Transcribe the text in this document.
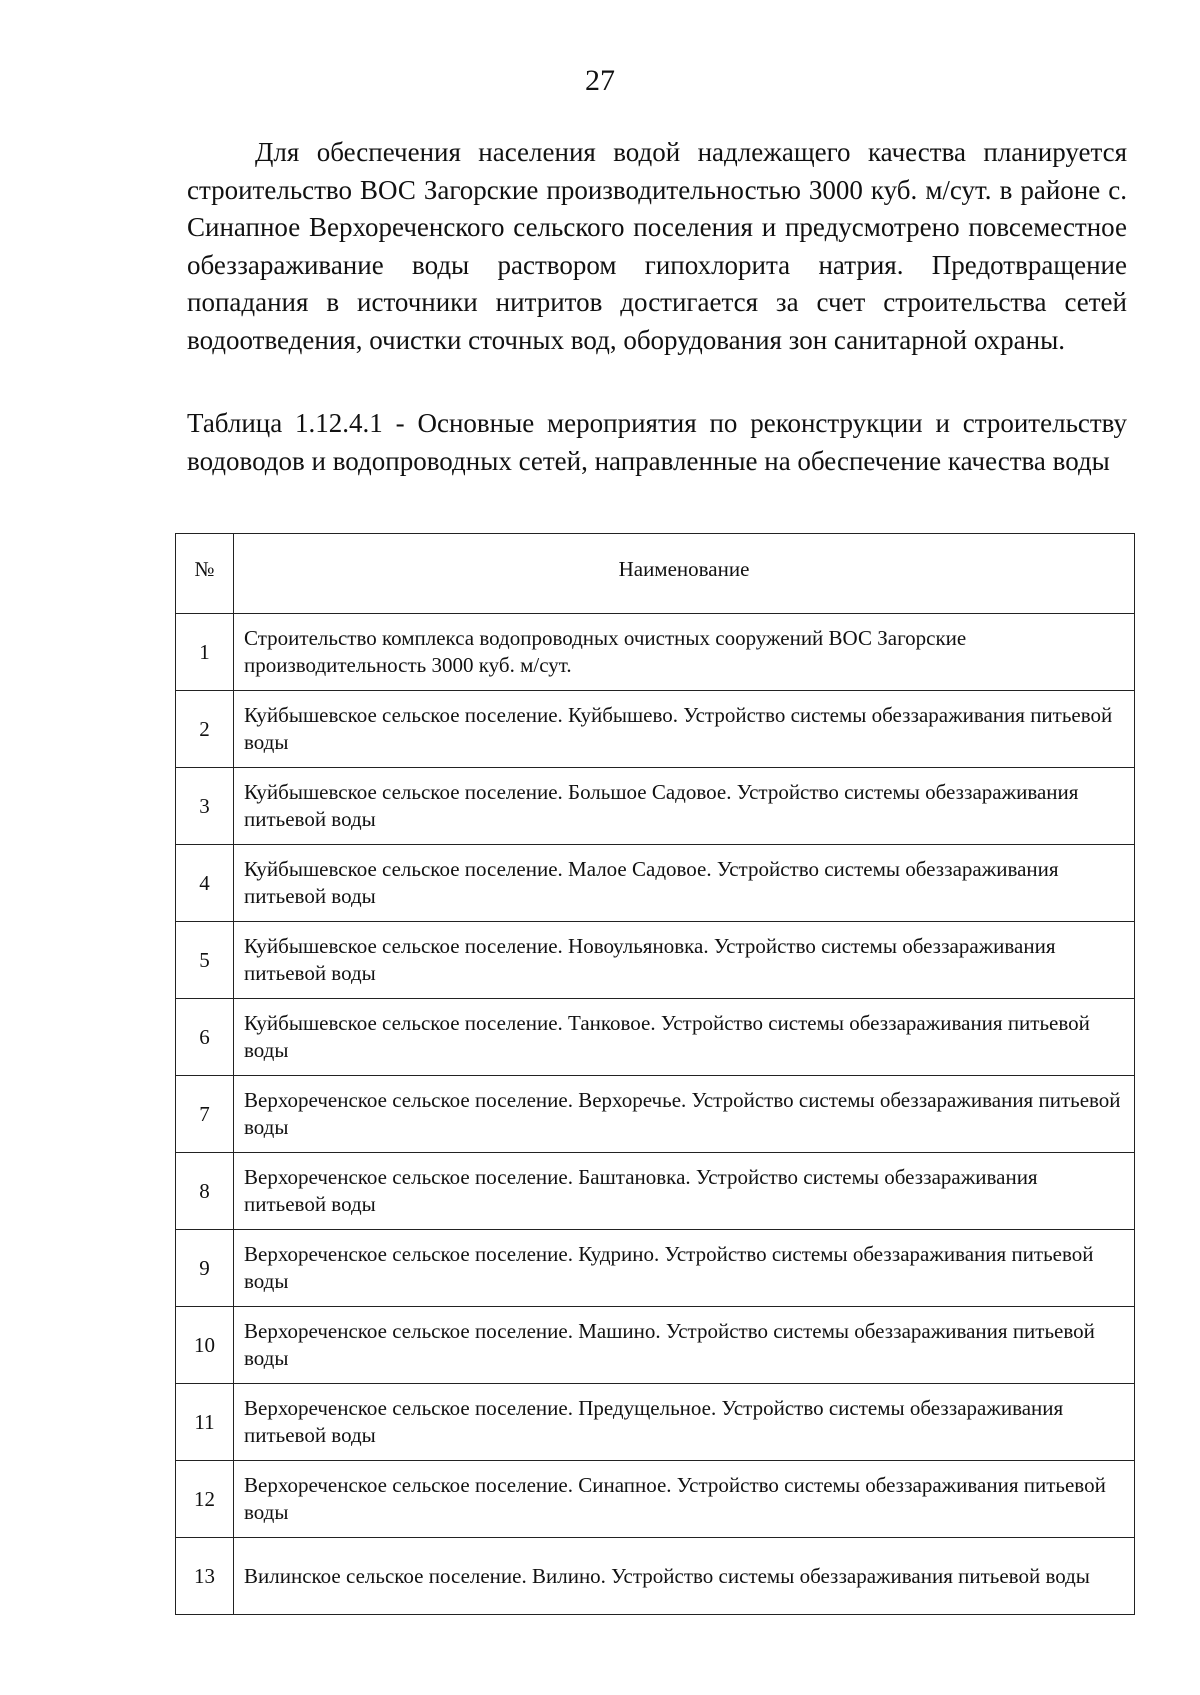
27

Для обеспечения населения водой надлежащего качества планируется строительство ВОС Загорские производительностью 3000 куб. м/сут. в районе с. Синапное Верхореченского сельского поселения и предусмотрено повсеместное обеззараживание воды раствором гипохлорита натрия. Предотвращение попадания в источники нитритов достигается за счет строительства сетей водоотведения, очистки сточных вод, оборудования зон санитарной охраны.

Таблица 1.12.4.1 - Основные мероприятия по реконструкции и строительству водоводов и водопроводных сетей, направленные на обеспечение качества воды

№	Наименование
1	Строительство комплекса водопроводных очистных сооружений ВОС Загорские производительность 3000 куб. м/сут.
2	Куйбышевское сельское поселение. Куйбышево. Устройство системы обеззараживания питьевой воды
3	Куйбышевское сельское поселение. Большое Садовое. Устройство системы обеззараживания питьевой воды
4	Куйбышевское сельское поселение. Малое Садовое. Устройство системы обеззараживания питьевой воды
5	Куйбышевское сельское поселение. Новоульяновка. Устройство системы обеззараживания питьевой воды
6	Куйбышевское сельское поселение. Танковое. Устройство системы обеззараживания питьевой воды
7	Верхореченское сельское поселение. Верхоречье. Устройство системы обеззараживания питьевой воды
8	Верхореченское сельское поселение. Баштановка. Устройство системы обеззараживания питьевой воды
9	Верхореченское сельское поселение. Кудрино. Устройство системы обеззараживания питьевой воды
10	Верхореченское сельское поселение. Машино. Устройство системы обеззараживания питьевой воды
11	Верхореченское сельское поселение. Предущельное. Устройство системы обеззараживания питьевой воды
12	Верхореченское сельское поселение. Синапное. Устройство системы обеззараживания питьевой воды
13	Вилинское сельское поселение. Вилино. Устройство системы обеззараживания питьевой воды
